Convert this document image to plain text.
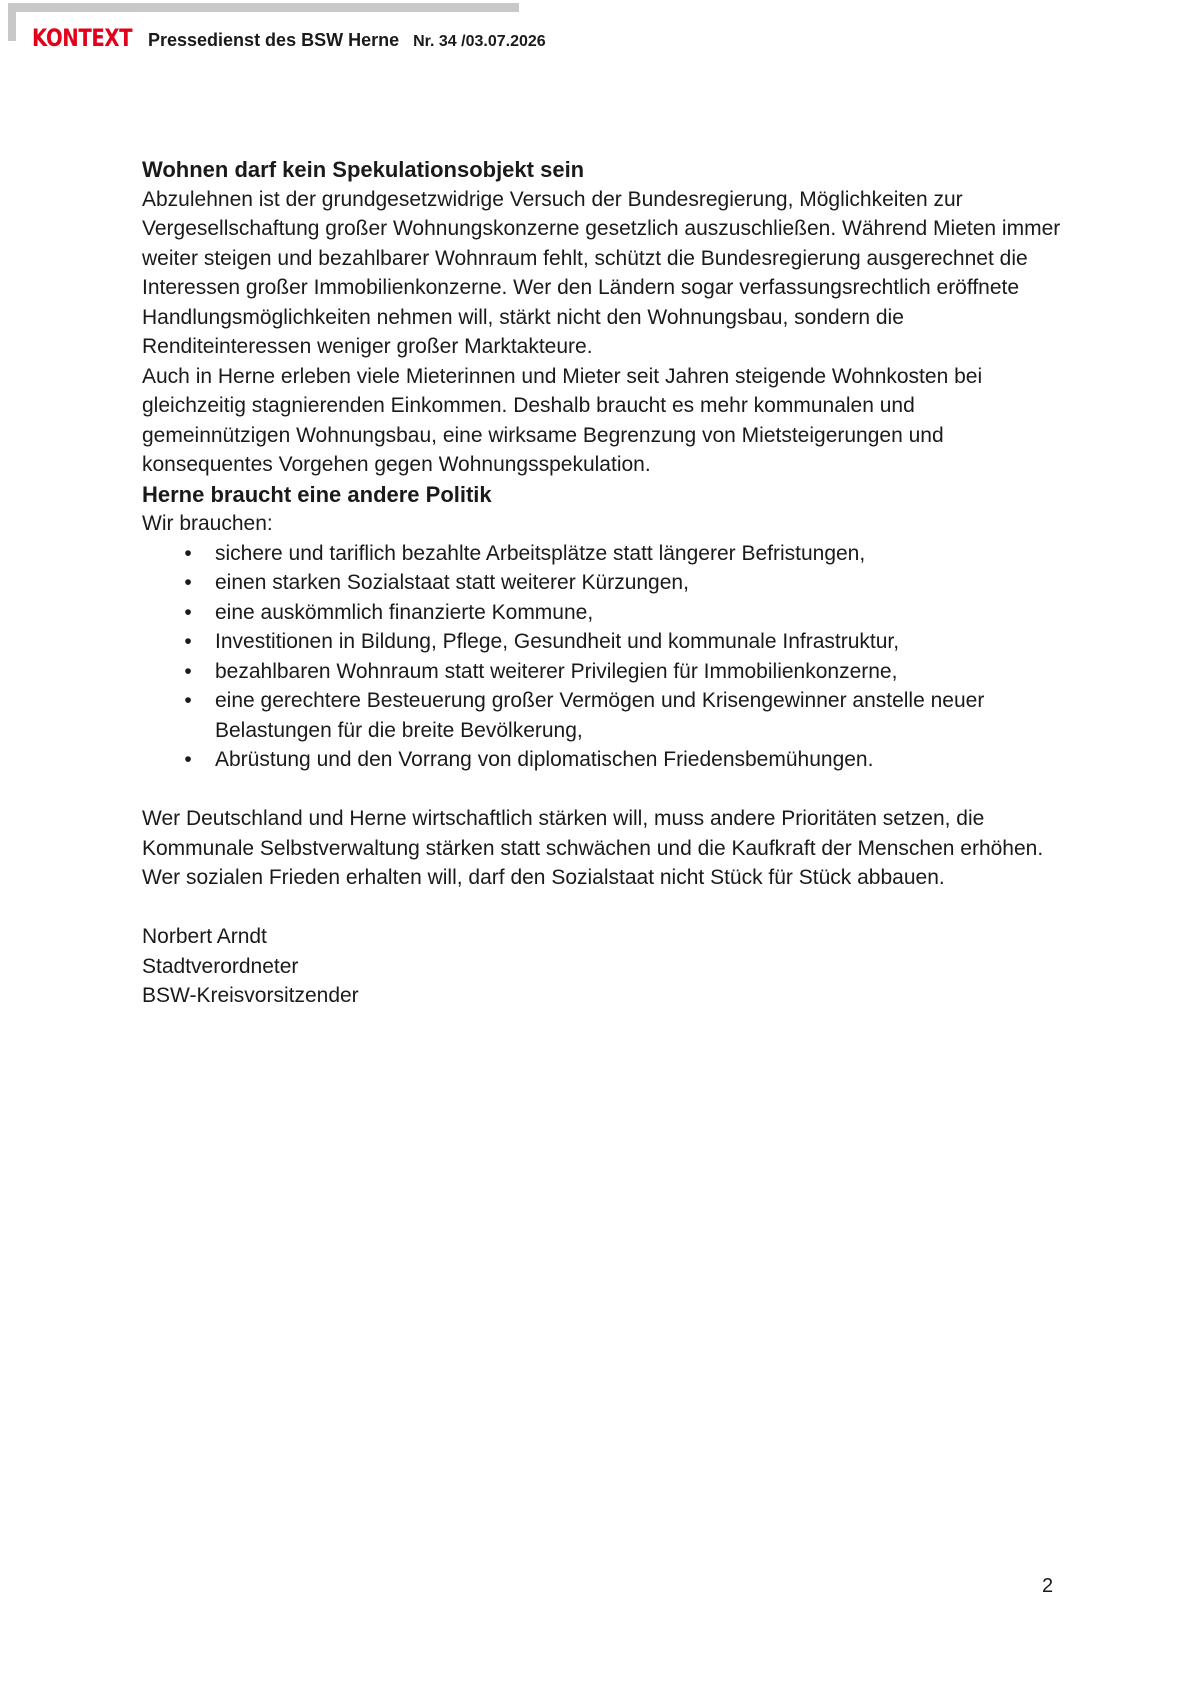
KONTEXT Pressedienst des BSW Herne Nr. 34 /03.07.2026
Wohnen darf kein Spekulationsobjekt sein

Abzulehnen ist der grundgesetzwidrige Versuch der Bundesregierung, Möglichkeiten zur Vergesellschaftung großer Wohnungskonzerne gesetzlich auszuschließen. Während Mieten immer weiter steigen und bezahlbarer Wohnraum fehlt, schützt die Bundesregierung ausgerechnet die Interessen großer Immobilienkonzerne. Wer den Ländern sogar verfassungsrechtlich eröffnete Handlungsmöglichkeiten nehmen will, stärkt nicht den Wohnungsbau, sondern die Renditeinteressen weniger großer Marktakteure.

Auch in Herne erleben viele Mieterinnen und Mieter seit Jahren steigende Wohnkosten bei gleichzeitig stagnierenden Einkommen. Deshalb braucht es mehr kommunalen und gemeinnützigen Wohnungsbau, eine wirksame Begrenzung von Mietsteigerungen und konsequentes Vorgehen gegen Wohnungsspekulation.

Herne braucht eine andere Politik

Wir brauchen:

• sichere und tariflich bezahlte Arbeitsplätze statt längerer Befristungen,
• einen starken Sozialstaat statt weiterer Kürzungen,
• eine auskömmlich finanzierte Kommune,
• Investitionen in Bildung, Pflege, Gesundheit und kommunale Infrastruktur,
• bezahlbaren Wohnraum statt weiterer Privilegien für Immobilienkonzerne,
• eine gerechtere Besteuerung großer Vermögen und Krisengewinner anstelle neuer Belastungen für die breite Bevölkerung,
• Abrüstung und den Vorrang von diplomatischen Friedensbemühungen.

Wer Deutschland und Herne wirtschaftlich stärken will, muss andere Prioritäten setzen, die Kommunale Selbstverwaltung stärken statt schwächen und die Kaufkraft der Menschen erhöhen. Wer sozialen Frieden erhalten will, darf den Sozialstaat nicht Stück für Stück abbauen.

Norbert Arndt

Stadtverordneter

BSW-Kreisvorsitzender

2
